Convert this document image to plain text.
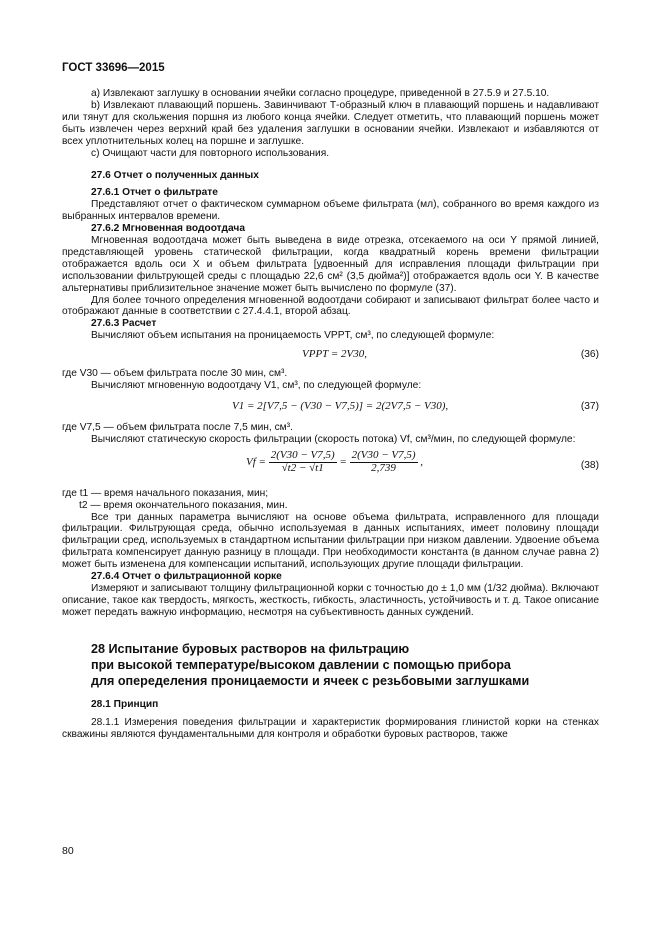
ГОСТ 33696—2015

а) Извлекают заглушку в основании ячейки согласно процедуре, приведенной в 27.5.9 и 27.5.10.

b) Извлекают плавающий поршень. Завинчивают Т-образный ключ в плавающий поршень и надавливают или тянут для скольжения поршня из любого конца ячейки. Следует отметить, что плавающий поршень может быть извлечен через верхний край без удаления заглушки в основании ячейки. Извлекают и избавляются от всех уплотнительных колец на поршне и заглушке.

с) Очищают части для повторного использования.

27.6 Отчет о полученных данных
27.6.1 Отчет о фильтрате

Представляют отчет о фактическом суммарном объеме фильтрата (мл), собранного во время каждого из выбранных интервалов времени.

27.6.2 Мгновенная водоотдача

Мгновенная водоотдача может быть выведена в виде отрезка, отсекаемого на оси Y прямой линией, представляющей уровень статической фильтрации, когда квадратный корень времени фильтрации отображается вдоль оси X и объем фильтрата [удвоенный для исправления площади фильтрации при использовании фильтрующей среды с площадью 22,6 см² (3,5 дюйма²)] отображается вдоль оси Y. В качестве альтернативы приблизительное значение может быть вычислено по формуле (37).

Для более точного определения мгновенной водоотдачи собирают и записывают фильтрат более часто и отображают данные в соответствии с 27.4.4.1, второй абзац.

27.6.3 Расчет

Вычисляют объем испытания на проницаемость VPPT, см³, по следующей формуле:

VPPT = 2V30,	(36)

где V30 — объем фильтрата после 30 мин, см³.

Вычисляют мгновенную водоотдачу V1, см³, по следующей формуле:

V1 = 2[V7,5 − (V30 − V7,5)] = 2(2V7,5 − V30),	(37)

где V7,5 — объем фильтрата после 7,5 мин, см³.

Вычисляют статическую скорость фильтрации (скорость потока) Vf, см³/мин, по следующей формуле:

$Vf = \frac{2(V30 - V7,5)}{√t2 - √t1} = \frac{2(V30 - V7,5)}{2,739}$ ,	(38)

где t1 — время начального показания, мин;

t2 — время окончательного показания, мин.

Все три данных параметра вычисляют на основе объема фильтрата, исправленного для площади фильтрации. Фильтрующая среда, обычно используемая в данных испытаниях, имеет половину площади фильтрации сред, используемых в стандартном испытании фильтрации при низком давлении. Удвоение объема фильтрата компенсирует данную разницу в площади. При необходимости константа (в данном случае равна 2) может быть изменена для компенсации испытаний, использующих другие площади фильтрации.

27.6.4 Отчет о фильтрационной корке

Измеряют и записывают толщину фильтрационной корки с точностью до ± 1,0 мм (1/32 дюйма). Включают описание, такое как твердость, мягкость, жесткость, гибкость, эластичность, устойчивость и т. д. Такое описание может передать важную информацию, несмотря на субъективность данных суждений.

28 Испытание буровых растворов на фильтрацию
при высокой температуре/высоком давлении с помощью прибора
для опеределения проницаемости и ячеек с резьбовыми заглушками
28.1 Принцип

28.1.1 Измерения поведения фильтрации и характеристик формирования глинистой корки на стенках скважины являются фундаментальными для контроля и обработки буровых растворов, также

80
